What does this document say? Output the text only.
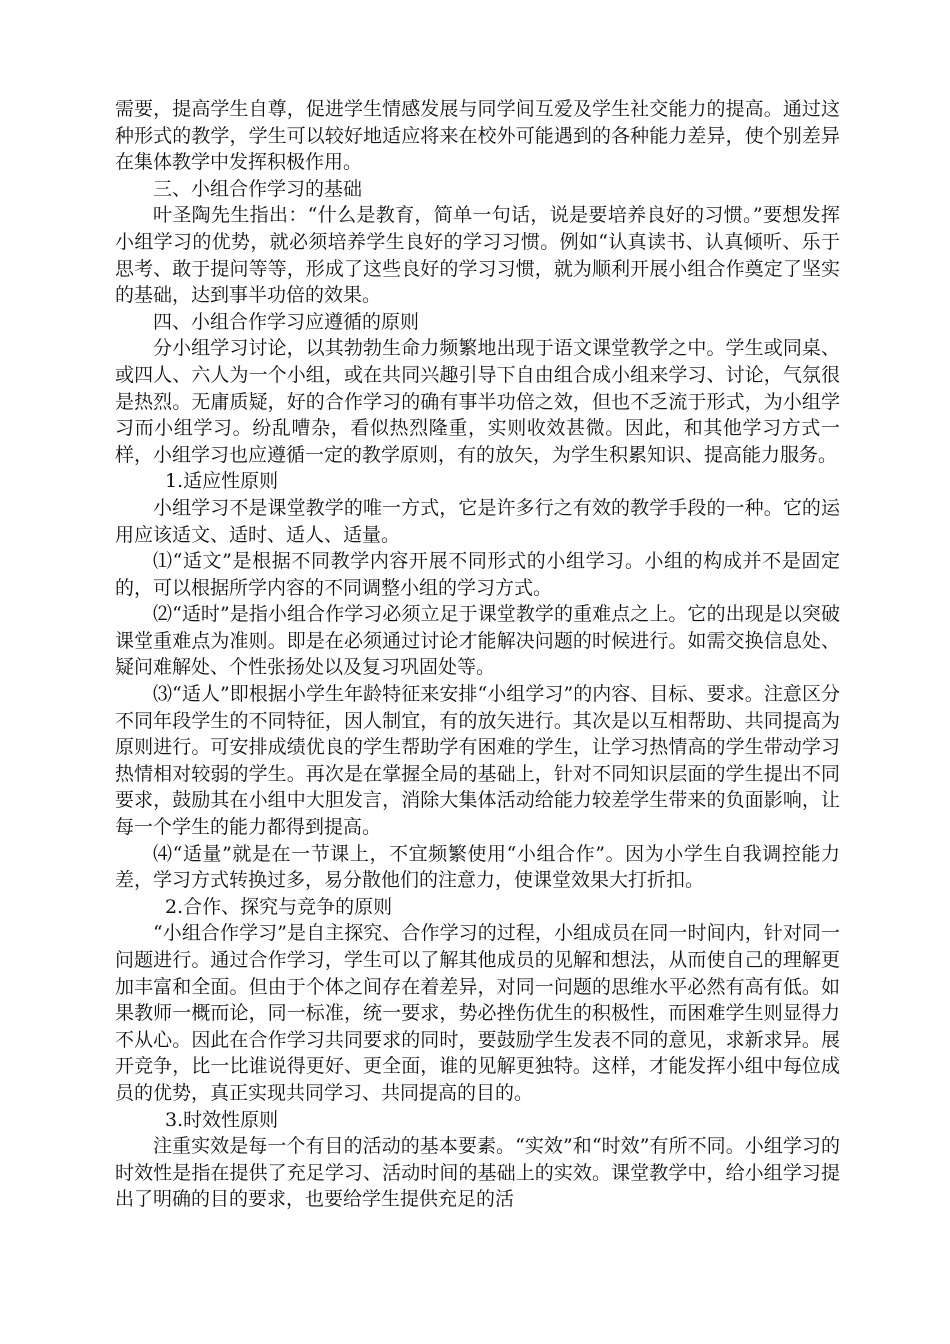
需要，提高学生自尊，促进学生情感发展与同学间互爱及学生社交能力的提高。通过这种形式的教学，学生可以较好地适应将来在校外可能遇到的各种能力差异，使个别差异在集体教学中发挥积极作用。

三、小组合作学习的基础

叶圣陶先生指出：“什么是教育，简单一句话，说是要培养良好的习惯。”要想发挥小组学习的优势，就必须培养学生良好的学习习惯。例如“认真读书、认真倾听、乐于思考、敢于提问等等，形成了这些良好的学习习惯，就为顺利开展小组合作奠定了坚实的基础，达到事半功倍的效果。

四、小组合作学习应遵循的原则

分小组学习讨论，以其勃勃生命力频繁地出现于语文课堂教学之中。学生或同桌、或四人、六人为一个小组，或在共同兴趣引导下自由组合成小组来学习、讨论，气氛很是热烈。无庸质疑，好的合作学习的确有事半功倍之效，但也不乏流于形式，为小组学习而小组学习。纷乱嘈杂，看似热烈隆重，实则收效甚微。因此，和其他学习方式一样，小组学习也应遵循一定的教学原则，有的放矢，为学生积累知识、提高能力服务。

1.适应性原则

小组学习不是课堂教学的唯一方式，它是许多行之有效的教学手段的一种。它的运用应该适文、适时、适人、适量。

⑴“适文”是根据不同教学内容开展不同形式的小组学习。小组的构成并不是固定的，可以根据所学内容的不同调整小组的学习方式。

⑵“适时”是指小组合作学习必须立足于课堂教学的重难点之上。它的出现是以突破课堂重难点为准则。即是在必须通过讨论才能解决问题的时候进行。如需交换信息处、疑问难解处、个性张扬处以及复习巩固处等。

⑶“适人”即根据小学生年龄特征来安排“小组学习”的内容、目标、要求。注意区分不同年段学生的不同特征，因人制宜，有的放矢进行。其次是以互相帮助、共同提高为原则进行。可安排成绩优良的学生帮助学有困难的学生，让学习热情高的学生带动学习热情相对较弱的学生。再次是在掌握全局的基础上，针对不同知识层面的学生提出不同要求，鼓励其在小组中大胆发言，消除大集体活动给能力较差学生带来的负面影响，让每一个学生的能力都得到提高。

⑷“适量”就是在一节课上，不宜频繁使用“小组合作”。因为小学生自我调控能力差，学习方式转换过多，易分散他们的注意力，使课堂效果大打折扣。

2.合作、探究与竞争的原则

“小组合作学习”是自主探究、合作学习的过程，小组成员在同一时间内，针对同一问题进行。通过合作学习，学生可以了解其他成员的见解和想法，从而使自己的理解更加丰富和全面。但由于个体之间存在着差异，对同一问题的思维水平必然有高有低。如果教师一概而论，同一标准，统一要求，势必挫伤优生的积极性，而困难学生则显得力不从心。因此在合作学习共同要求的同时，要鼓励学生发表不同的意见，求新求异。展开竞争，比一比谁说得更好、更全面，谁的见解更独特。这样，才能发挥小组中每位成员的优势，真正实现共同学习、共同提高的目的。

3.时效性原则

注重实效是每一个有目的活动的基本要素。“实效”和“时效”有所不同。小组学习的时效性是指在提供了充足学习、活动时间的基础上的实效。课堂教学中，给小组学习提出了明确的目的要求，也要给学生提供充足的活
